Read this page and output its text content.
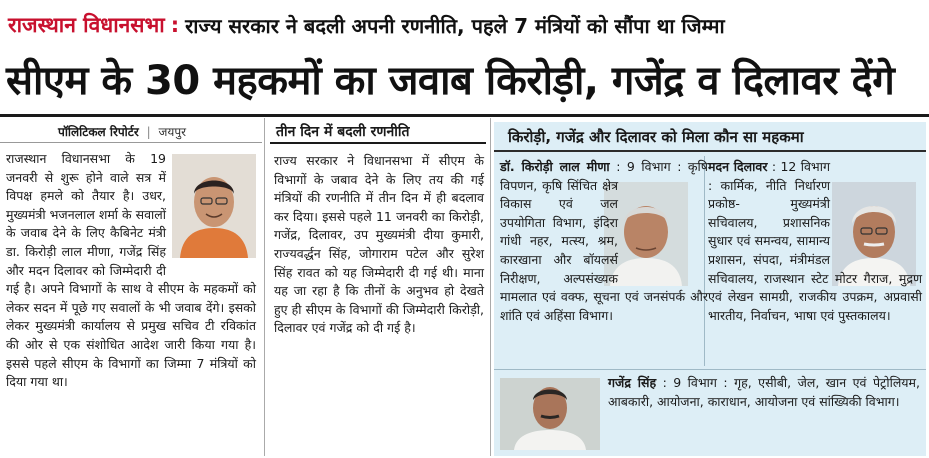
राजस्थान विधानसभा : राज्य सरकार ने बदली अपनी रणनीति, पहले 7 मंत्रियों को सौंपा था जिम्मा
सीएम के 30 महकमों का जवाब किरोड़ी, गजेंद्र व दिलावर देंगे
पॉलिटिकल रिपोर्टर | जयपुर
राजस्थान विधानसभा के 19 जनवरी से शुरू होने वाले सत्र में विपक्ष हमले को तैयार है। उधर, मुख्यमंत्री भजनलाल शर्मा के सवालों के जवाब देने के लिए कैबिनेट मंत्री डा. किरोड़ी लाल मीणा, गजेंद्र सिंह और मदन दिलावर को जिम्मेदारी दी गई है। अपने विभागों के साथ वे सीएम के महकमों को लेकर सदन में पूछे गए सवालों के भी जवाब देंगे। इसको लेकर मुख्यमंत्री कार्यालय से प्रमुख सचिव टी रविकांत की ओर से एक संशोधित आदेश जारी किया गया है। इससे पहले सीएम के विभागों का जिम्मा 7 मंत्रियों को दिया गया था।
तीन दिन में बदली रणनीति
राज्य सरकार ने विधानसभा में सीएम के विभागों के जबाव देने के लिए तय की गई मंत्रियों की रणनीति में तीन दिन में ही बदलाव कर दिया। इससे पहले 11 जनवरी का किरोड़ी, गजेंद्र, दिलावर, उप मुख्यमंत्री दीया कुमारी, राज्यवर्द्धन सिंह, जोगाराम पटेल और सुरेश सिंह रावत को यह जिम्मेदारी दी गई थी। माना यह जा रहा है कि तीनों के अनुभव हो देखते हुए ही सीएम के विभागों की जिम्मेदारी किरोड़ी, दिलावर एवं गजेंद्र को दी गई है।
किरोड़ी, गजेंद्र और दिलावर को मिला कौन सा महकमा
डॉ. किरोड़ी लाल मीणा : 9 विभाग : कृषि विपणन, कृषि सिंचित क्षेत्र विकास एवं जल उपयोगिता विभाग, इंदिरा गांधी नहर, मत्स्य, श्रम, कारखाना और बॉयलर्स निरीक्षण, अल्पसंख्यक मामलात एवं वक्फ, सूचना एवं जनसंपर्क और शांति एवं अहिंसा विभाग।
मदन दिलावर : 12 विभाग : कार्मिक, नीति निर्धारण प्रकोष्ठ- मुख्यमंत्री सचिवालय, प्रशासनिक सुधार एवं समन्वय, सामान्य प्रशासन, संपदा, मंत्रीमंडल सचिवालय, राजस्थान स्टेट मोटर गैराज, मुद्रण एवं लेखन सामग्री, राजकीय उपक्रम, अप्रवासी भारतीय, निर्वाचन, भाषा एवं पुस्तकालय।
गजेंद्र सिंह : 9 विभाग : गृह, एसीबी, जेल, खान एवं पेट्रोलियम, आबकारी, आयोजना, काराधान, आयोजना एवं सांख्यिकी विभाग।
